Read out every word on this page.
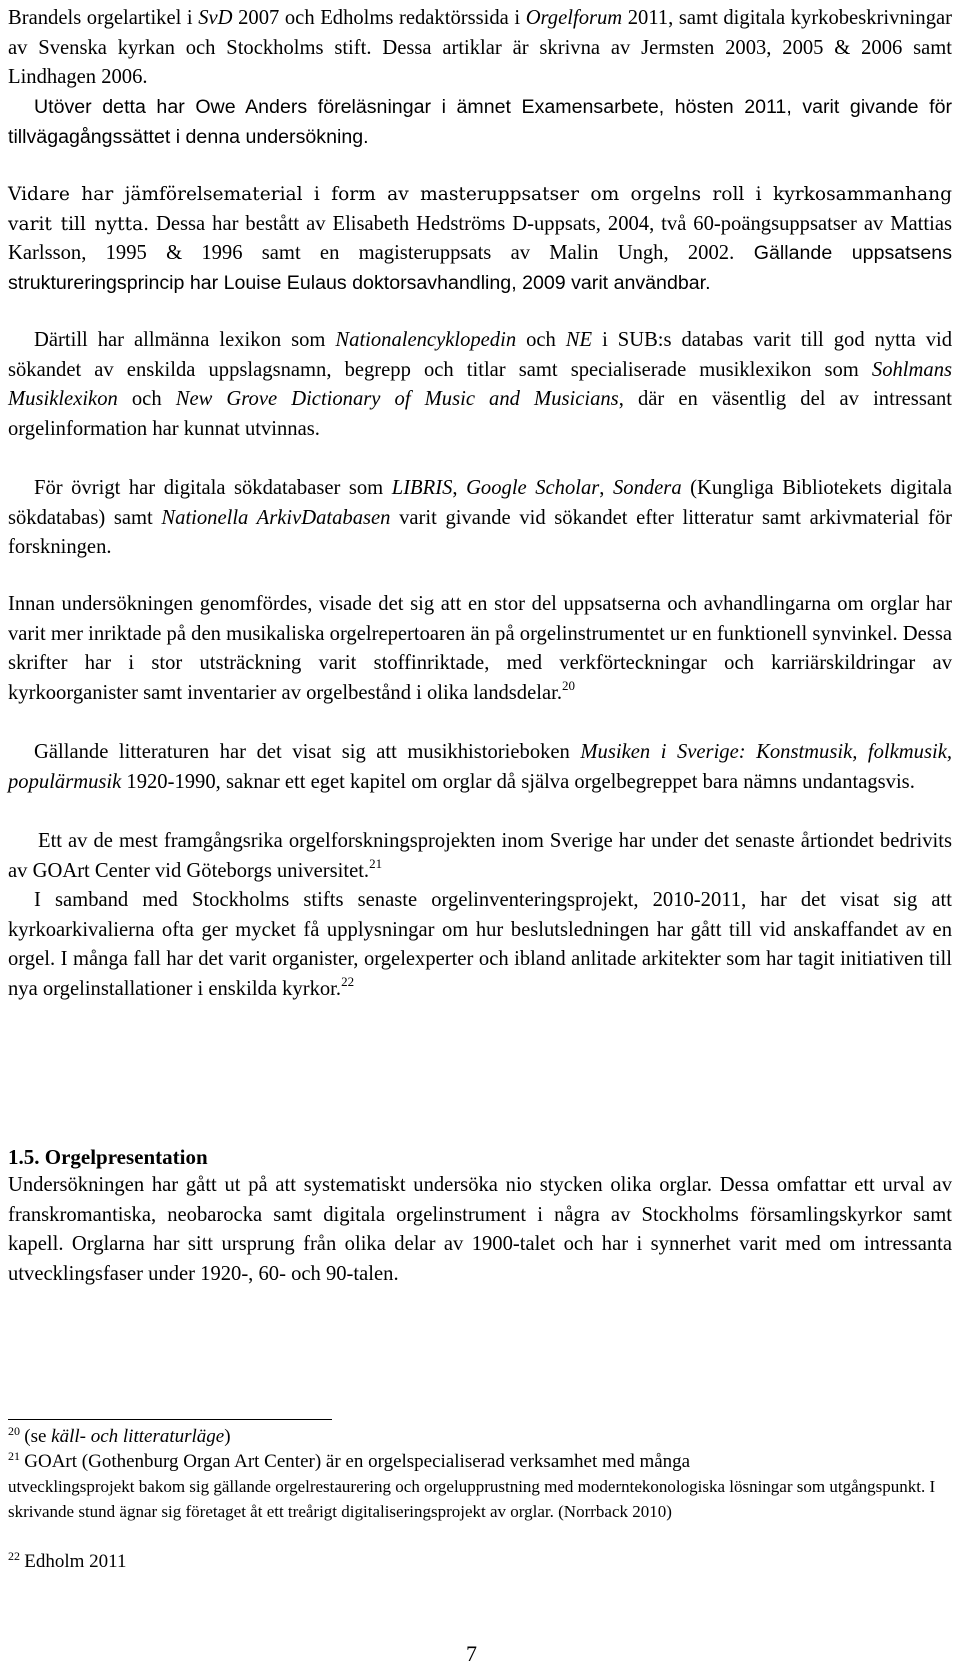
Brandels orgelartikel i SvD 2007 och Edholms redaktörssida i Orgelforum 2011, samt digitala kyrkobeskrivningar av Svenska kyrkan och Stockholms stift. Dessa artiklar är skrivna av Jermsten 2003, 2005 & 2006 samt Lindhagen 2006.

Utöver detta har Owe Anders föreläsningar i ämnet Examensarbete, hösten 2011, varit givande för tillvägagångssättet i denna undersökning.

Vidare har jämförelsematerial i form av masteruppsatser om orgelns roll i kyrkosammanhang varit till nytta. Dessa har bestått av Elisabeth Hedströms D-uppsats, 2004, två 60-poängsuppsatser av Mattias Karlsson, 1995 & 1996 samt en magisteruppsats av Malin Ungh, 2002. Gällande uppsatsens struktureringsprincip har Louise Eulaus doktorsavhandling, 2009 varit användbar.

Därtill har allmänna lexikon som Nationalencyklopedin och NE i SUB:s databas varit till god nytta vid sökandet av enskilda uppslagsnamn, begrepp och titlar samt specialiserade musiklexikon som Sohlmans Musiklexikon och New Grove Dictionary of Music and Musicians, där en väsentlig del av intressant orgelinformation har kunnat utvinnas.

För övrigt har digitala sökdatabaser som LIBRIS, Google Scholar, Sondera (Kungliga Bibliotekets digitala sökdatabas) samt Nationella ArkivDatabasen varit givande vid sökandet efter litteratur samt arkivmaterial för forskningen.

Innan undersökningen genomfördes, visade det sig att en stor del uppsatserna och avhandlingarna om orglar har varit mer inriktade på den musikaliska orgelrepertoaren än på orgelinstrumentet ur en funktionell synvinkel. Dessa skrifter har i stor utsträckning varit stoffinriktade, med verkförteckningar och karriärskildringar av kyrkoorganister samt inventarier av orgelbestånd i olika landsdelar.$^{20}$

Gällande litteraturen har det visat sig att musikhistorieboken Musiken i Sverige: Konstmusik, folkmusik, populärmusik 1920-1990, saknar ett eget kapitel om orglar då själva orgelbegreppet bara nämns undantagsvis.

Ett av de mest framgångsrika orgelforskningsprojekten inom Sverige har under det senaste årtiondet bedrivits av GOArt Center vid Göteborgs universitet.$^{21}$

I samband med Stockholms stifts senaste orgelinventeringsprojekt, 2010-2011, har det visat sig att kyrkoarkivalierna ofta ger mycket få upplysningar om hur beslutsledningen har gått till vid anskaffandet av en orgel. I många fall har det varit organister, orgelexperter och ibland anlitade arkitekter som har tagit initiativen till nya orgelinstallationer i enskilda kyrkor.$^{22}$

1.5. Orgelpresentation

Undersökningen har gått ut på att systematiskt undersöka nio stycken olika orglar. Dessa omfattar ett urval av franskromantiska, neobarocka samt digitala orgelinstrument i några av Stockholms församlingskyrkor samt kapell. Orglarna har sitt ursprung från olika delar av 1900-talet och har i synnerhet varit med om intressanta utvecklingsfaser under 1920-, 60- och 90-talen.

$^{20}$ (se käll- och litteraturläge)

$^{21}$ GOArt (Gothenburg Organ Art Center) är en orgelspecialiserad verksamhet med många
utvecklingsprojekt bakom sig gällande orgelrestaurering och orgelupprustning med moderntekonologiska lösningar som utgångspunkt. I skrivande stund ägnar sig företaget åt ett treårigt digitaliseringsprojekt av orglar. (Norrback 2010)

$^{22}$ Edholm 2011

7
